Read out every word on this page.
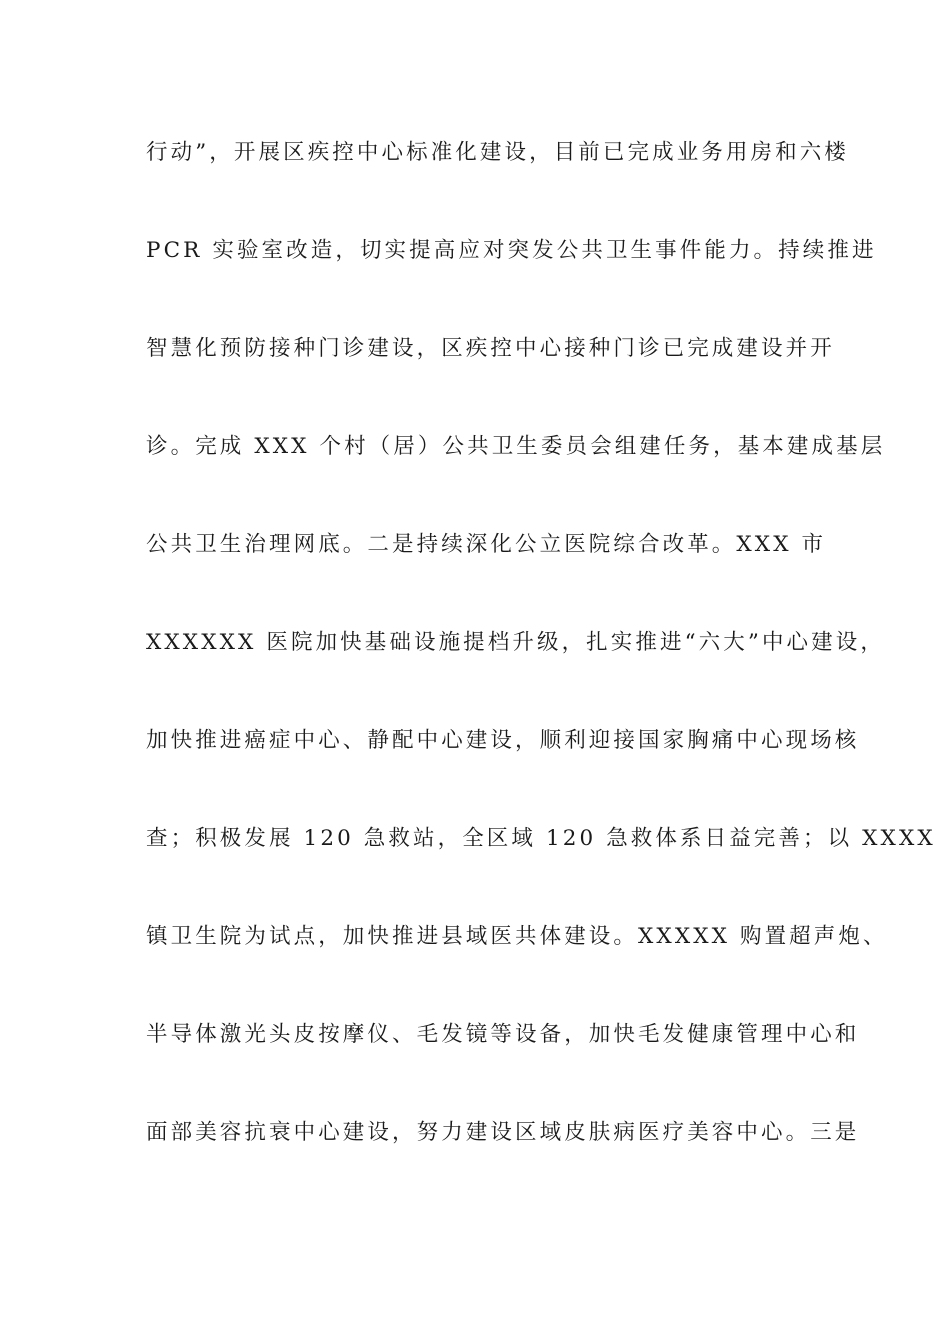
行动”，开展区疾控中心标准化建设，目前已完成业务用房和六楼
PCR 实验室改造，切实提高应对突发公共卫生事件能力。持续推进
智慧化预防接种门诊建设，区疾控中心接种门诊已完成建设并开
诊。完成 XXX 个村（居）公共卫生委员会组建任务，基本建成基层
公共卫生治理网底。二是持续深化公立医院综合改革。XXX 市
XXXXXX 医院加快基础设施提档升级，扎实推进“六大”中心建设，
加快推进癌症中心、静配中心建设，顺利迎接国家胸痛中心现场核
查；积极发展 120 急救站，全区域 120 急救体系日益完善；以 XXXX
镇卫生院为试点，加快推进县域医共体建设。XXXXX 购置超声炮、
半导体激光头皮按摩仪、毛发镜等设备，加快毛发健康管理中心和
面部美容抗衰中心建设，努力建设区域皮肤病医疗美容中心。三是
